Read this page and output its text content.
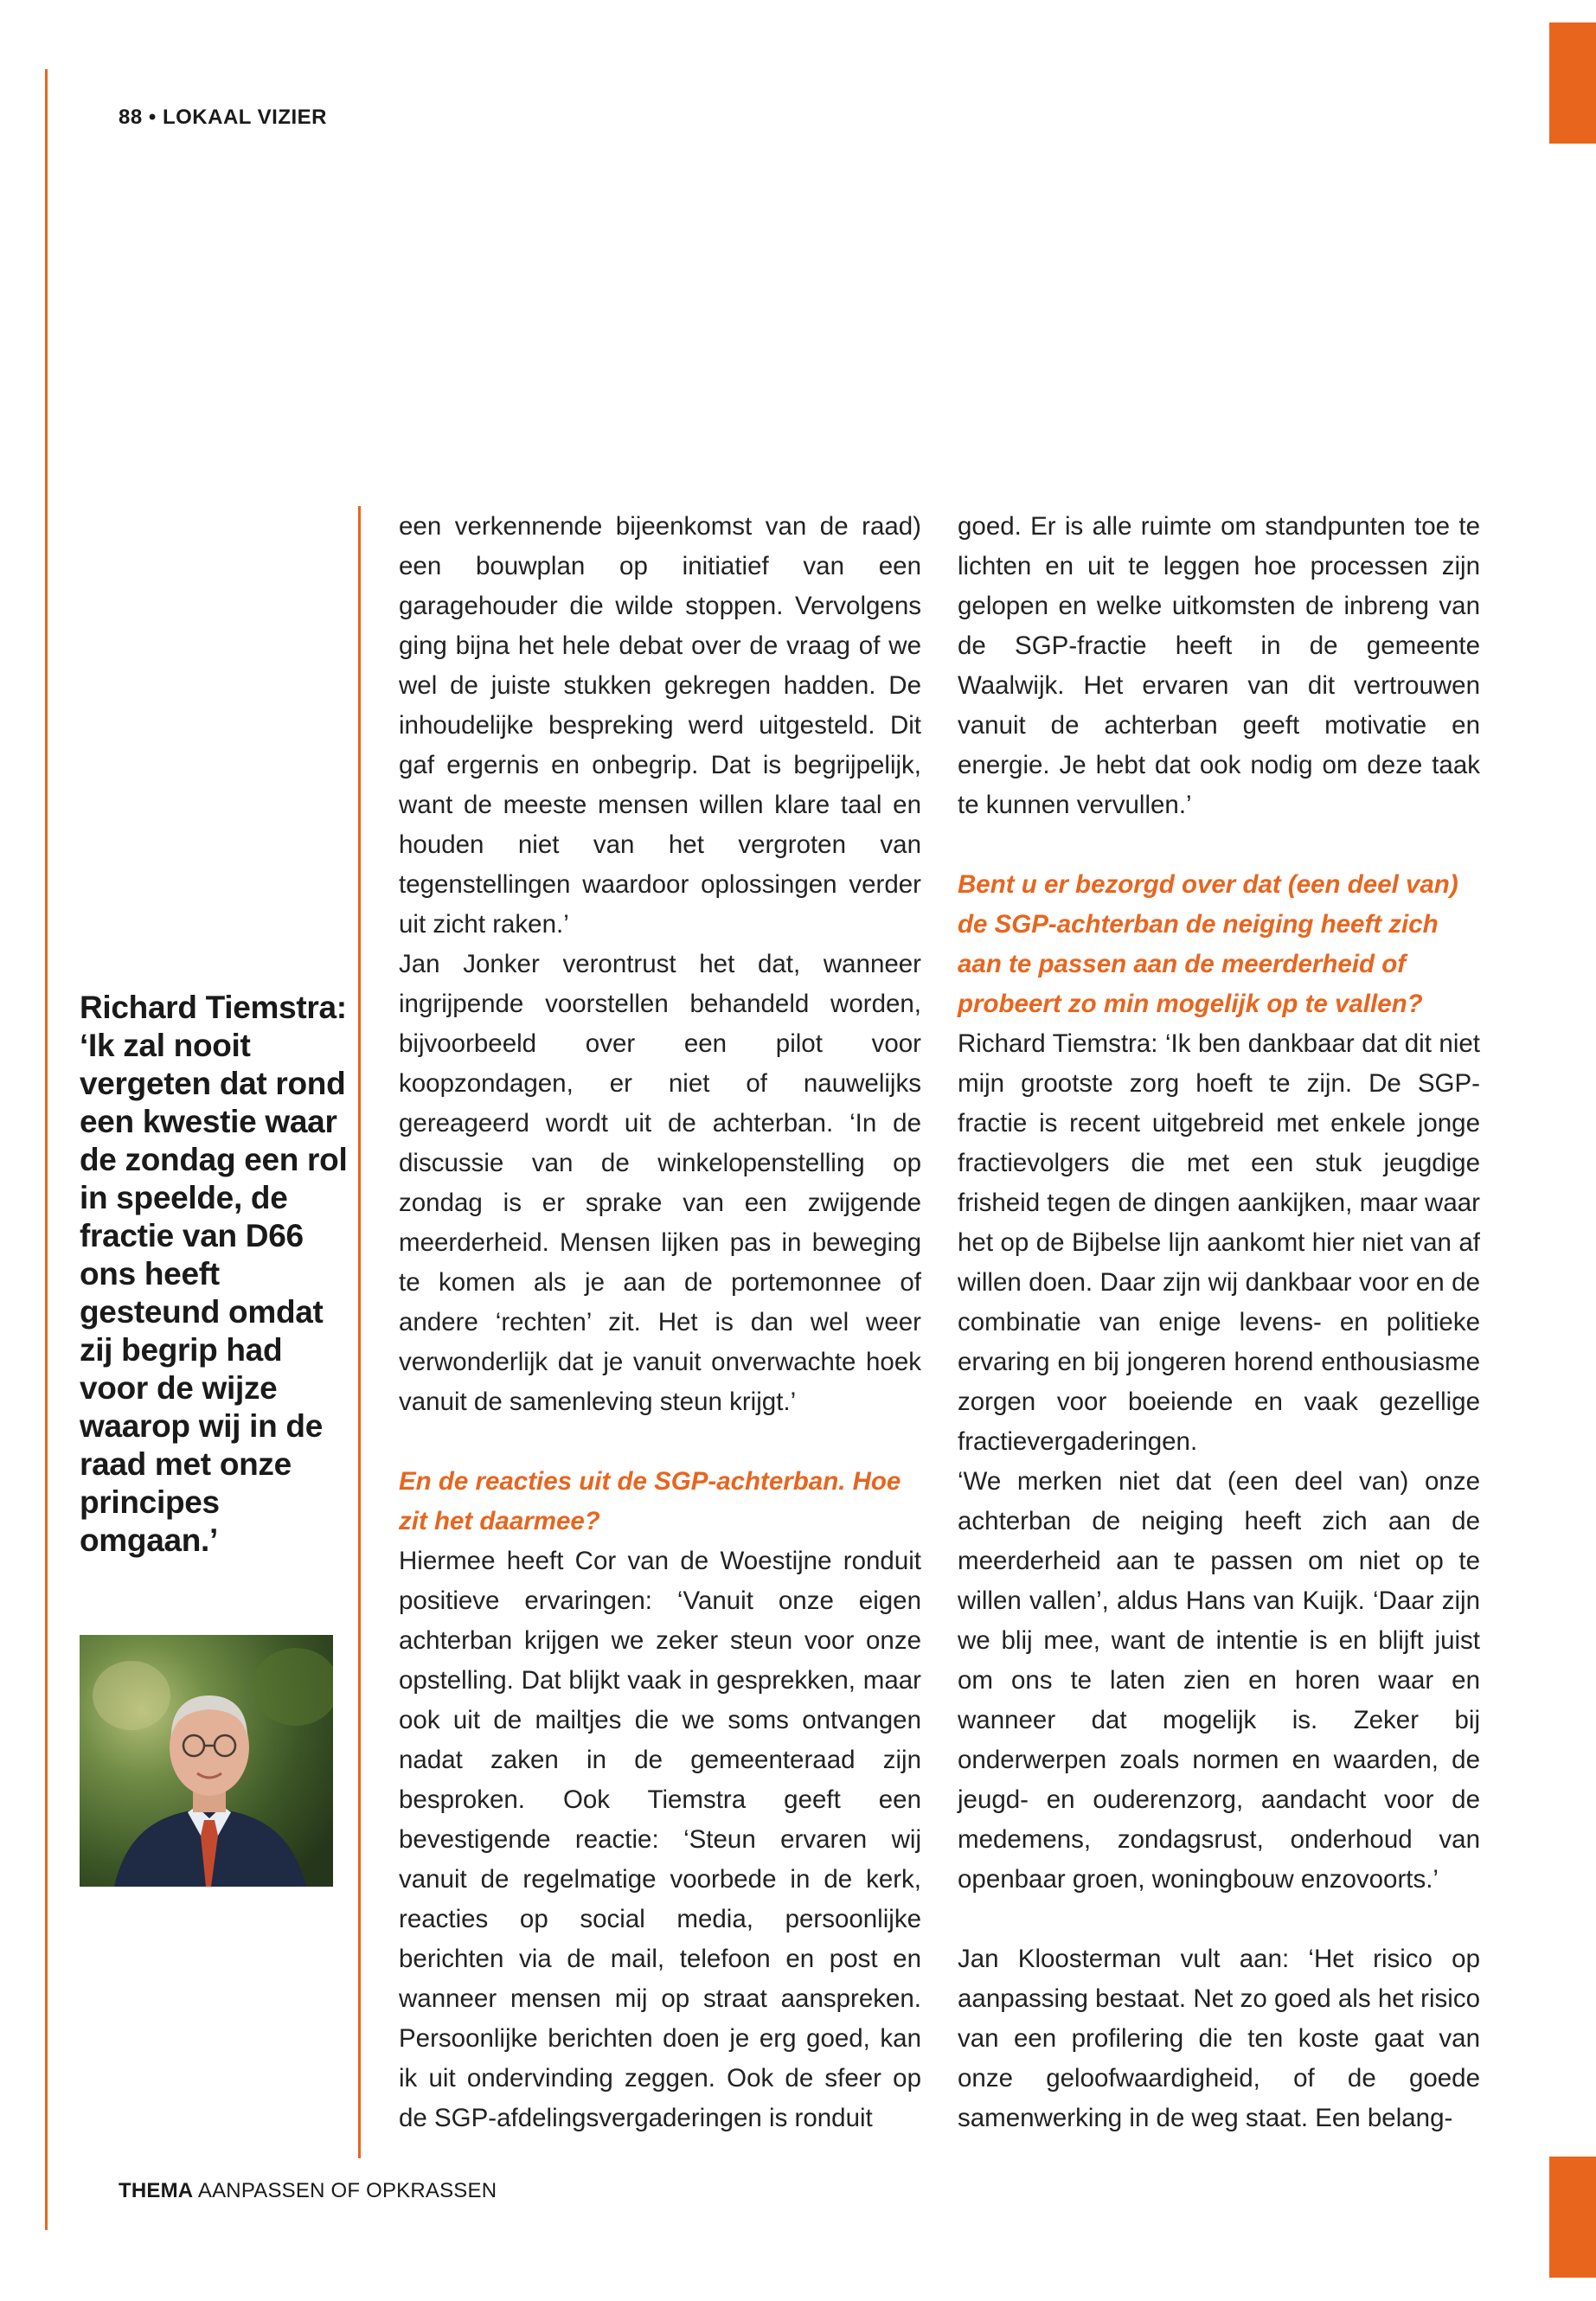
88 • LOKAAL VIZIER
Richard Tiemstra: ‘Ik zal nooit vergeten dat rond een kwestie waar de zondag een rol in speelde, de fractie van D66 ons heeft gesteund omdat zij begrip had voor de wijze waarop wij in de raad met onze principes omgaan.’

een verkennende bijeenkomst van de raad) een bouwplan op initiatief van een garagehouder die wilde stoppen. Vervolgens ging bijna het hele debat over de vraag of we wel de juiste stukken gekregen hadden. De inhoudelijke bespreking werd uitgesteld. Dit gaf ergernis en onbegrip. Dat is begrijpelijk, want de meeste mensen willen klare taal en houden niet van het vergroten van tegenstellingen waardoor oplossingen verder uit zicht raken.’

Jan Jonker verontrust het dat, wanneer ingrijpende voorstellen behandeld worden, bijvoorbeeld over een pilot voor koopzondagen, er niet of nauwelijks gereageerd wordt uit de achterban. ‘In de discussie van de winkelopenstelling op zondag is er sprake van een zwijgende meerderheid. Mensen lijken pas in beweging te komen als je aan de portemonnee of andere ‘rechten’ zit. Het is dan wel weer verwonderlijk dat je vanuit onverwachte hoek vanuit de samenleving steun krijgt.’

En de reacties uit de SGP-achterban. Hoe zit het daarmee?

Hiermee heeft Cor van de Woestijne ronduit positieve ervaringen: ‘Vanuit onze eigen achterban krijgen we zeker steun voor onze opstelling. Dat blijkt vaak in gesprekken, maar ook uit de mailtjes die we soms ontvangen nadat zaken in de gemeenteraad zijn besproken. Ook Tiemstra geeft een bevestigende reactie: ‘Steun ervaren wij vanuit de regelmatige voorbede in de kerk, reacties op social media, persoonlijke berichten via de mail, telefoon en post en wanneer mensen mij op straat aanspreken. Persoonlijke berichten doen je erg goed, kan ik uit ondervinding zeggen. Ook de sfeer op de SGP-afdelingsvergaderingen is ronduit

goed. Er is alle ruimte om standpunten toe te lichten en uit te leggen hoe processen zijn gelopen en welke uitkomsten de inbreng van de SGP-fractie heeft in de gemeente Waalwijk. Het ervaren van dit vertrouwen vanuit de achterban geeft motivatie en energie. Je hebt dat ook nodig om deze taak te kunnen vervullen.’

Bent u er bezorgd over dat (een deel van) de SGP-achterban de neiging heeft zich aan te passen aan de meerderheid of probeert zo min mogelijk op te vallen?

Richard Tiemstra: ‘Ik ben dankbaar dat dit niet mijn grootste zorg hoeft te zijn. De SGP-fractie is recent uitgebreid met enkele jonge fractievolgers die met een stuk jeugdige frisheid tegen de dingen aankijken, maar waar het op de Bijbelse lijn aankomt hier niet van af willen doen. Daar zijn wij dankbaar voor en de combinatie van enige levens- en politieke ervaring en bij jongeren horend enthousiasme zorgen voor boeiende en vaak gezellige fractievergaderingen.

‘We merken niet dat (een deel van) onze achterban de neiging heeft zich aan de meerderheid aan te passen om niet op te willen vallen’, aldus Hans van Kuijk. ‘Daar zijn we blij mee, want de intentie is en blijft juist om ons te laten zien en horen waar en wanneer dat mogelijk is. Zeker bij onderwerpen zoals normen en waarden, de jeugd- en ouderenzorg, aandacht voor de medemens, zondagsrust, onderhoud van openbaar groen, woningbouw enzovoorts.’

Jan Kloosterman vult aan: ‘Het risico op aanpassing bestaat. Net zo goed als het risico van een profilering die ten koste gaat van onze geloofwaardigheid, of de goede samenwerking in de weg staat. Een belang-

THEMA AANPASSEN OF OPKRASSEN
